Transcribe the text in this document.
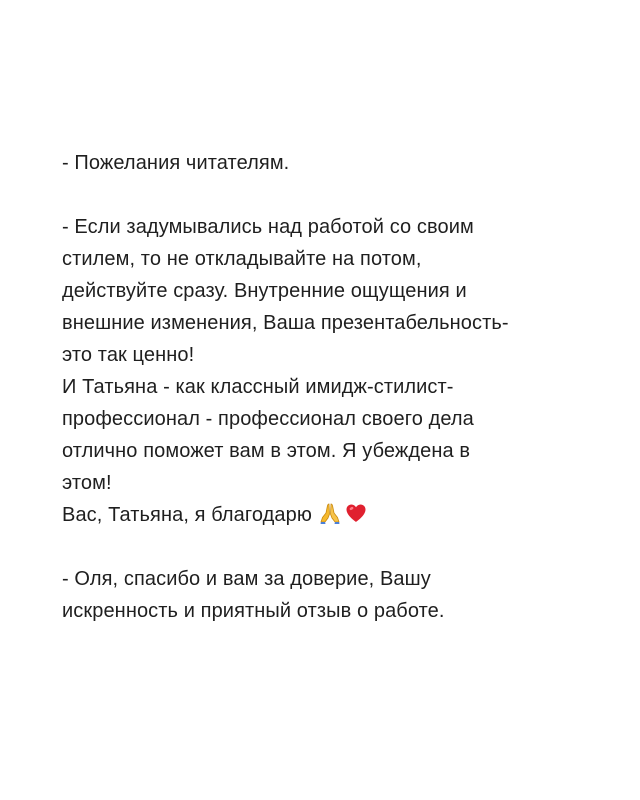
- Пожелания читателям.
- Если задумывались над работой со своим
стилем, то не откладывайте на потом,
действуйте сразу. Внутренние ощущения и
внешние изменения, Ваша презентабельность-
это так ценно!
И Татьяна - как классный имидж-стилист-
профессионал - профессионал своего дела
отлично поможет вам в этом. Я убеждена в
этом!
Вас, Татьяна, я благодарю
- Оля, спасибо и вам за доверие, Вашу
искренность и приятный отзыв о работе.
